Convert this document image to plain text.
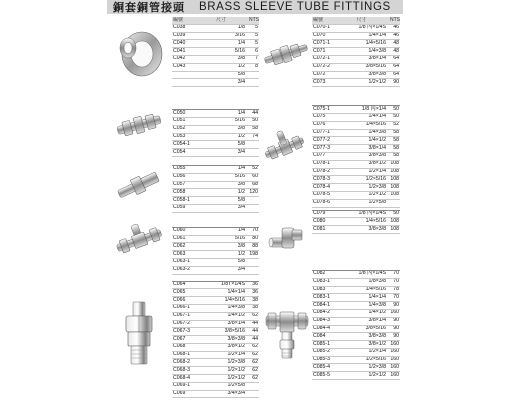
銅套銅管接頭 BRASS SLEEVE TUBE FITTINGS
編號	尺寸	NTS
C038	1/8	5
C039	3/16	5
C040	1/4	5
C041	5/16	6
C042	3/8	7
C043	1/2	8
	5/8	
	3/4	

C050	1/4	44
C051	5/16	50
C052	3/8	58
C053	1/2	74
C054-1	5/8	
C054	3/4	

C055	1/4	52
C056	5/16	60
C057	3/8	68
C058	1/2	120
C058-1	5/8	
C059	3/4	

C060	1/4	70
C061	5/16	80
C062	3/8	88
C063	1/2	198
C063-1	5/8	
C063-2	3/4	

C064	1/8T×1/4S	36
C065	1/4×1/4	36
C066	1/4×5/16	38
C066-1	1/4×3/8	38
C067-1	1/4×1/2	62
C067-2	3/8×1/4	44
C067-3	3/8×5/16	44
C067	3/8×3/8	44
C068	3/8×1/2	62
C068-1	1/2×1/4	62
C068-2	1/2×3/8	62
C068-3	1/2×1/2	62
C068-4	1/2×1/2	62
C069-1	1/2×5/8	
C069	3/4×3/4	
編號	尺寸	NTS
C070-1	1/8 內×1/4S	46
C070	1/4×1/4	46
C071-1	1/4×5/16	48
C071	1/4×3/8	48
C072-1	3/8×1/4	64
C072-2	3/8×5/16	64
C072	3/8×3/8	64
C073	1/2×1/2	90

C075-1	1/8 內×1/4	50
C075	1/4×1/4	50
C076	1/4×5/16	52
C077-1	1/4×3/8	58
C077-2	1/4×1/2	58
C077-3	3/8×1/4	58
C077	3/8×3/8	58
C078-1	3/8×1/2	108
C078-2	1/2×1/4	108
C078-3	1/2×5/16	108
C078-4	1/2×3/8	108
C078-5	1/2×1/2	108
C078-6	1/2×5/8	

C079	1/8 內×1/4S	50
C080	1/4×5/16	108
C081	3/8×3/8	108

C082	1/8 內×1/4S	70
C083-1	1/8×3/8	70
C083	1/4×5/16	78
C083-1	1/4×1/4	70
C084-1	1/4×3/8	90
C084-2	1/4×1/2	160
C084-3	3/8×1/4	90
C084-4	3/8×5/16	90
C084	3/8×3/8	90
C085-1	3/8×1/2	160
C085-2	1/2×1/4	160
C085-3	1/2×5/16	160
C085-4	1/2×3/8	160
C085-5	1/2×1/2	160
